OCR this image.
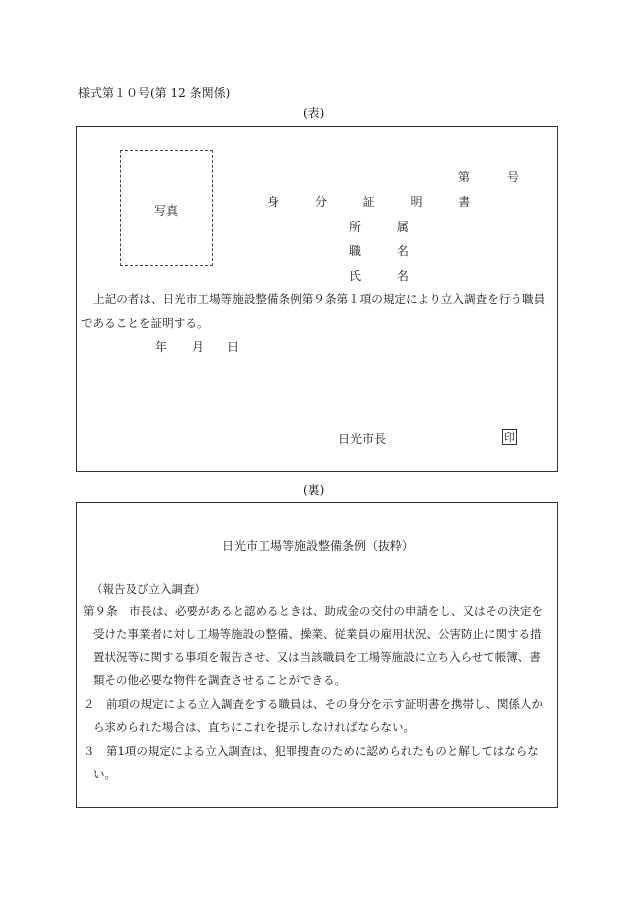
様式第１０号(第 12 条関係)
(表)
写真
第	号
身 分 証 明 書
所 属
職 名
氏 名
上記の者は、日光市工場等施設整備条例第９条第１項の規定により立入調査を行う職員
であることを証明する。
年 月 日
日光市長	印
(裏)
日光市工場等施設整備条例（抜粋）
（報告及び立入調査）
第９条　市長は、必要があると認めるときは、助成金の交付の申請をし、又はその決定を
受けた事業者に対し工場等施設の整備、操業、従業員の雇用状況、公害防止に関する措
置状況等に関する事項を報告させ、又は当該職員を工場等施設に立ち入らせて帳簿、書
類その他必要な物件を調査させることができる。
２　前項の規定による立入調査をする職員は、その身分を示す証明書を携帯し、関係人か
ら求められた場合は、直ちにこれを提示しなければならない。
３　第1項の規定による立入調査は、犯罪捜査のために認められたものと解してはならな
い。
